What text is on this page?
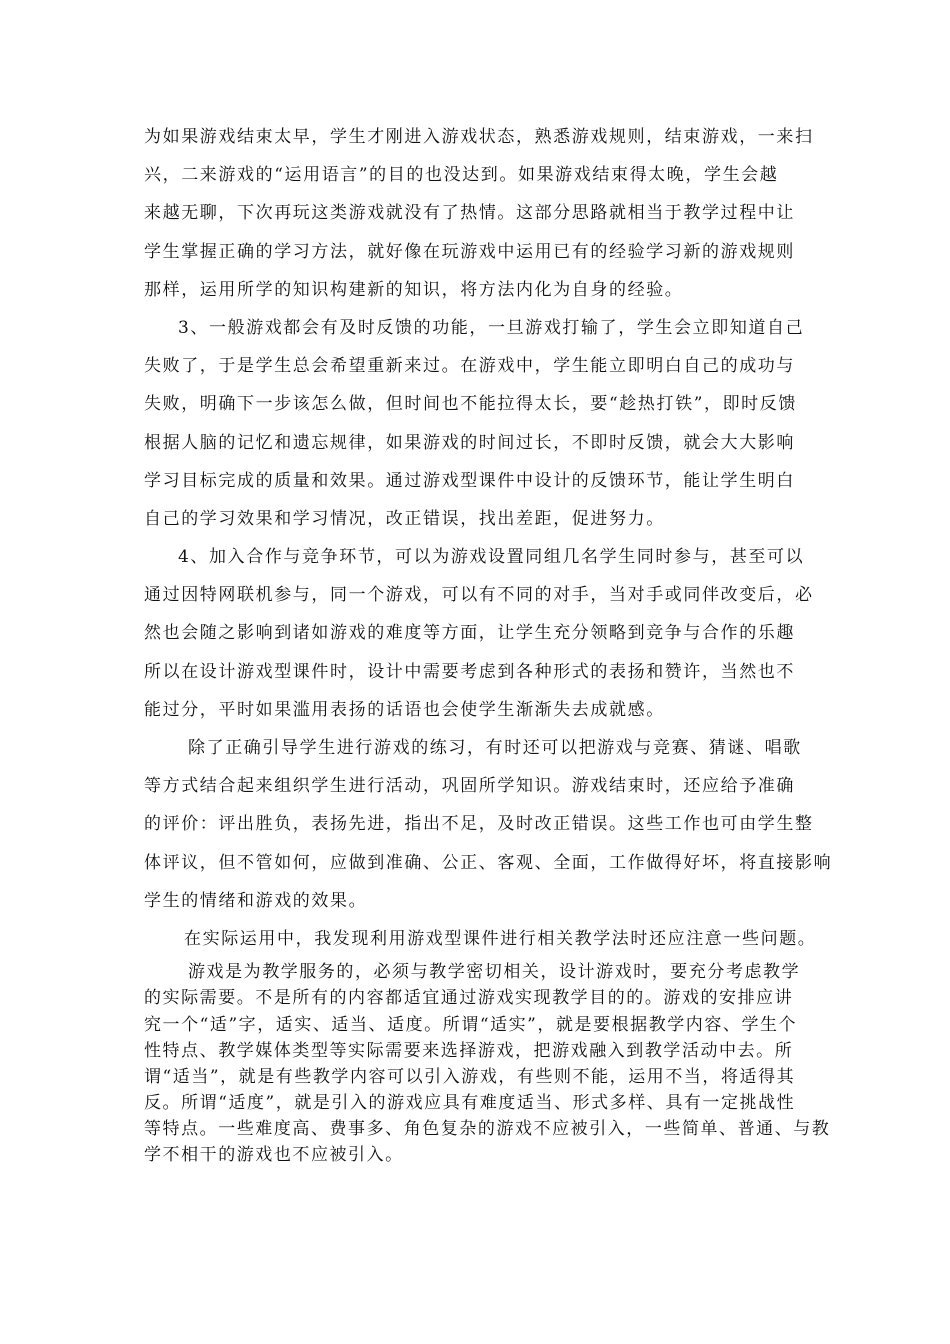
为如果游戏结束太早，学生才刚进入游戏状态，熟悉游戏规则，结束游戏，一来扫
兴，二来游戏的“运用语言”的目的也没达到。如果游戏结束得太晚，学生会越
来越无聊，下次再玩这类游戏就没有了热情。这部分思路就相当于教学过程中让
学生掌握正确的学习方法，就好像在玩游戏中运用已有的经验学习新的游戏规则
那样，运用所学的知识构建新的知识，将方法内化为自身的经验。
3、一般游戏都会有及时反馈的功能，一旦游戏打输了，学生会立即知道自己
失败了，于是学生总会希望重新来过。在游戏中，学生能立即明白自己的成功与
失败，明确下一步该怎么做，但时间也不能拉得太长，要“趁热打铁”，即时反馈
根据人脑的记忆和遗忘规律，如果游戏的时间过长，不即时反馈，就会大大影响
学习目标完成的质量和效果。通过游戏型课件中设计的反馈环节，能让学生明白
自己的学习效果和学习情况，改正错误，找出差距，促进努力。
4、加入合作与竞争环节，可以为游戏设置同组几名学生同时参与，甚至可以
通过因特网联机参与，同一个游戏，可以有不同的对手，当对手或同伴改变后，必
然也会随之影响到诸如游戏的难度等方面，让学生充分领略到竞争与合作的乐趣
所以在设计游戏型课件时，设计中需要考虑到各种形式的表扬和赞许，当然也不
能过分，平时如果滥用表扬的话语也会使学生渐渐失去成就感。
除了正确引导学生进行游戏的练习，有时还可以把游戏与竞赛、猜谜、唱歌
等方式结合起来组织学生进行活动，巩固所学知识。游戏结束时，还应给予准确
的评价：评出胜负，表扬先进，指出不足，及时改正错误。这些工作也可由学生整
体评议，但不管如何，应做到准确、公正、客观、全面，工作做得好坏，将直接影响
学生的情绪和游戏的效果。
在实际运用中，我发现利用游戏型课件进行相关教学法时还应注意一些问题。
游戏是为教学服务的，必须与教学密切相关，设计游戏时，要充分考虑教学
的实际需要。不是所有的内容都适宜通过游戏实现教学目的的。游戏的安排应讲
究一个“适”字，适实、适当、适度。所谓“适实”，就是要根据教学内容、学生个
性特点、教学媒体类型等实际需要来选择游戏，把游戏融入到教学活动中去。所
谓“适当”，就是有些教学内容可以引入游戏，有些则不能，运用不当，将适得其
反。所谓“适度”，就是引入的游戏应具有难度适当、形式多样、具有一定挑战性
等特点。一些难度高、费事多、角色复杂的游戏不应被引入，一些简单、普通、与教
学不相干的游戏也不应被引入。
